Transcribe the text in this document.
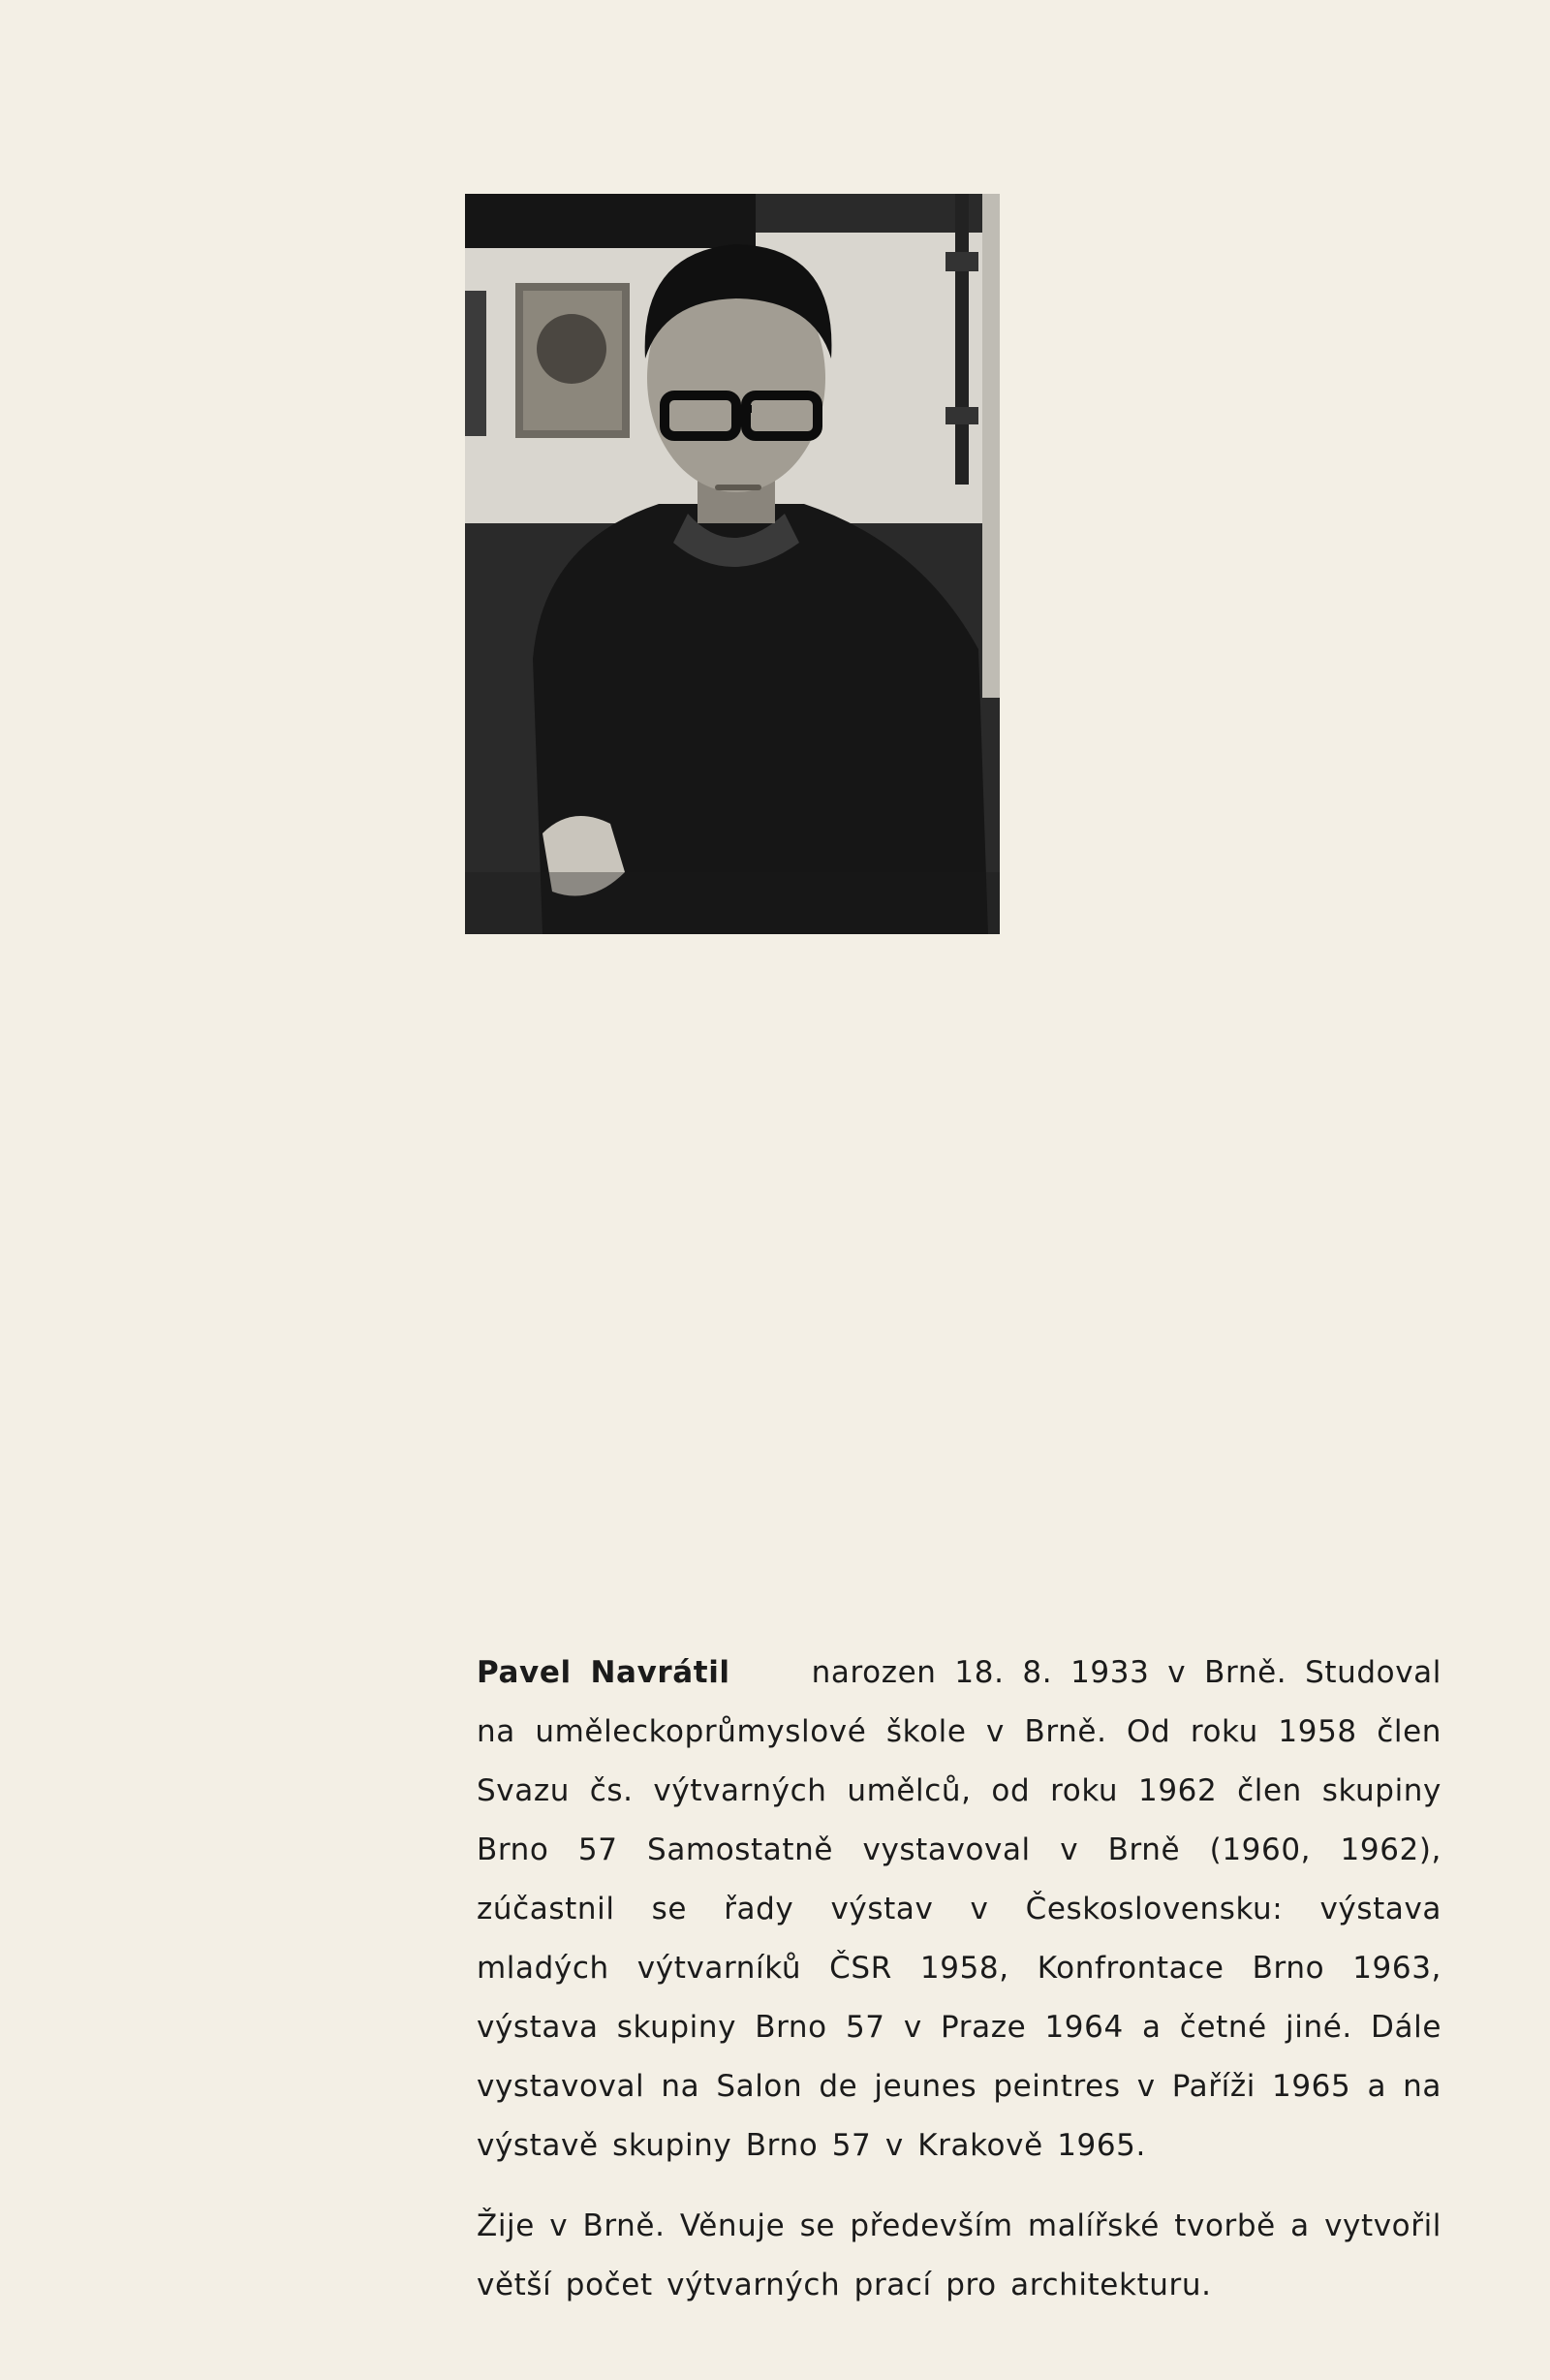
Pavel Navrátil	narozen 18. 8. 1933 v Brně. Studoval na uměleckoprůmyslové škole v Brně. Od roku 1958 člen Svazu čs. výtvarných umělců, od roku 1962 člen skupiny Brno 57 Samostatně vystavoval v Brně (1960, 1962), zúčastnil se řady výstav v Československu: výstava mladých výtvarníků ČSR 1958, Konfrontace Brno 1963, výstava skupiny Brno 57 v Praze 1964 a četné jiné. Dále vystavoval na Salon de jeunes peintres v Paříži 1965 a na výstavě skupiny Brno 57 v Krakově 1965.

Žije v Brně. Věnuje se především malířské tvorbě a vytvořil větší počet výtvarných prací pro architekturu.
